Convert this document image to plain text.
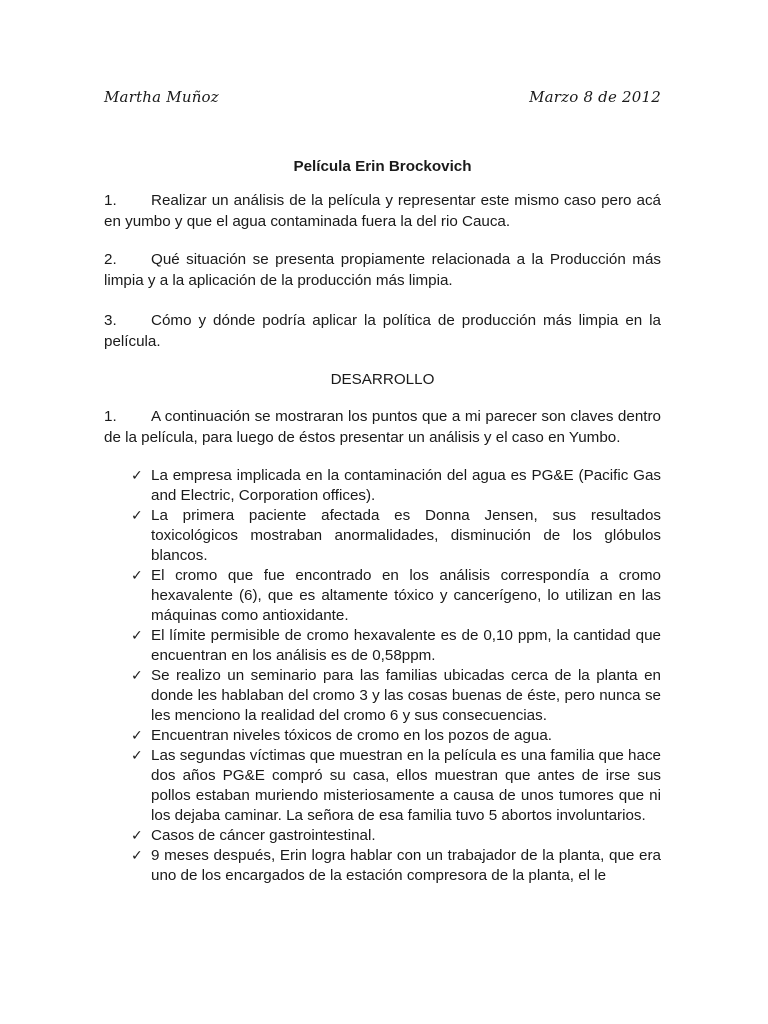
Martha Muñoz	Marzo 8 de 2012
Película Erin Brockovich

1. Realizar un análisis de la película y representar este mismo caso pero acá en yumbo y que el agua contaminada fuera la del rio Cauca.

2. Qué situación se presenta propiamente relacionada a la Producción más limpia y a la aplicación de la producción más limpia.

3. Cómo y dónde podría aplicar la política de producción más limpia en la película.

DESARROLLO

1. A continuación se mostraran los puntos que a mi parecer son claves dentro de la película, para luego de éstos presentar un análisis y el caso en Yumbo.

✓ La empresa implicada en la contaminación del agua es PG&E (Pacific Gas and Electric, Corporation offices).
✓ La primera paciente afectada es Donna Jensen, sus resultados toxicológicos mostraban anormalidades, disminución de los glóbulos blancos.
✓ El cromo que fue encontrado en los análisis correspondía a cromo hexavalente (6), que es altamente tóxico y cancerígeno, lo utilizan en las máquinas como antioxidante.
✓ El límite permisible de cromo hexavalente es de 0,10 ppm, la cantidad que encuentran en los análisis es de 0,58ppm.
✓ Se realizo un seminario para las familias ubicadas cerca de la planta en donde les hablaban del cromo 3 y las cosas buenas de éste, pero nunca se les menciono la realidad del cromo 6 y sus consecuencias.
✓ Encuentran niveles tóxicos de cromo en los pozos de agua.
✓ Las segundas víctimas que muestran en la película es una familia que hace dos años PG&E compró su casa, ellos muestran que antes de irse sus pollos estaban muriendo misteriosamente a causa de unos tumores que ni los dejaba caminar. La señora de esa familia tuvo 5 abortos involuntarios.
✓ Casos de cáncer gastrointestinal.
✓ 9 meses después, Erin logra hablar con un trabajador de la planta, que era uno de los encargados de la estación compresora de la planta, el le
